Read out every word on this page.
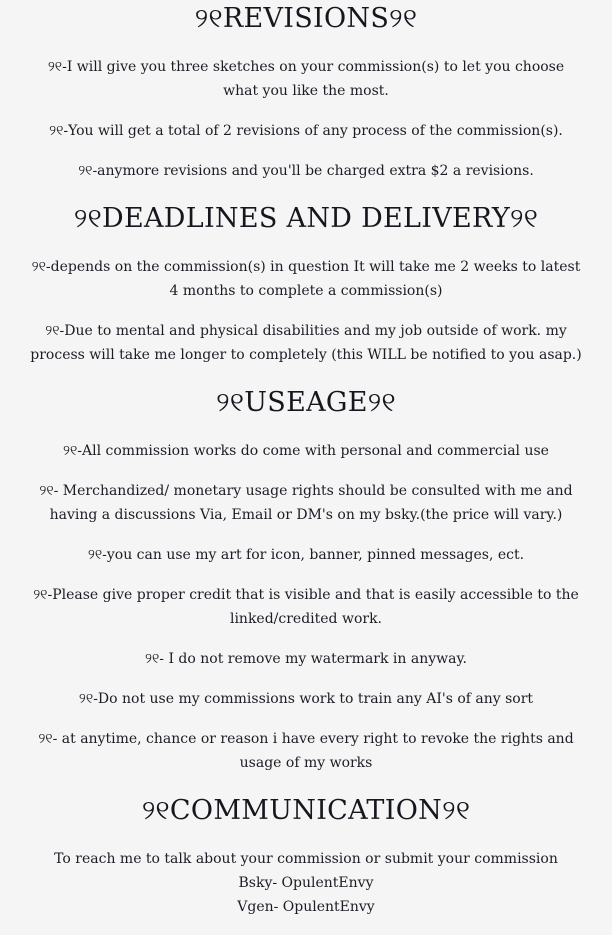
୨୧REVISIONS୨୧

୨୧-I will give you three sketches on your commission(s) to let you choose what you like the most.

୨୧-You will get a total of 2 revisions of any process of the commission(s).

୨୧-anymore revisions and you'll be charged extra $2 a revisions.

୨୧DEADLINES AND DELIVERY୨୧

୨୧-depends on the commission(s) in question It will take me 2 weeks to latest 4 months to complete a commission(s)

୨୧-Due to mental and physical disabilities and my job outside of work. my process will take me longer to completely (this WILL be notified to you asap.)

୨୧USEAGE୨୧

୨୧-All commission works do come with personal and commercial use

୨୧- Merchandized/ monetary usage rights should be consulted with me and having a discussions Via, Email or DM's on my bsky.(the price will vary.)

୨୧-you can use my art for icon, banner, pinned messages, ect.

୨୧-Please give proper credit that is visible and that is easily accessible to the linked/credited work.

୨୧- I do not remove my watermark in anyway.

୨୧-Do not use my commissions work to train any AI's of any sort

୨୧- at anytime, chance or reason i have every right to revoke the rights and usage of my works

୨୧COMMUNICATION୨୧

To reach me to talk about your commission or submit your commission

Bsky- OpulentEnvy

Vgen- OpulentEnvy
